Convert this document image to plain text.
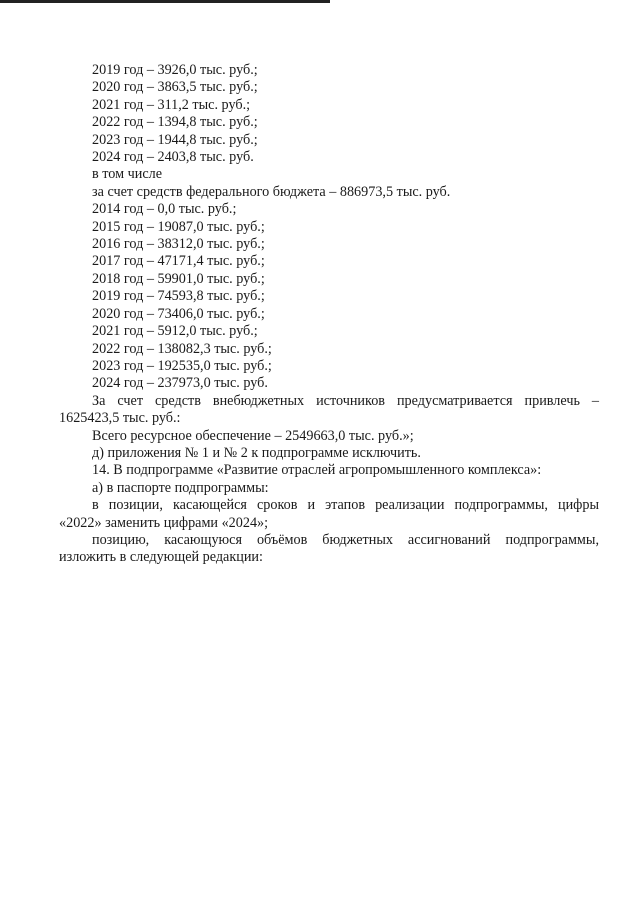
2019 год – 3926,0 тыс. руб.;

2020 год – 3863,5 тыс. руб.;

2021 год – 311,2 тыс. руб.;

2022 год – 1394,8 тыс. руб.;

2023 год – 1944,8 тыс. руб.;

2024 год – 2403,8 тыс. руб.

в том числе

за счет средств федерального бюджета – 886973,5 тыс. руб.

2014 год – 0,0 тыс. руб.;

2015 год – 19087,0 тыс. руб.;

2016 год – 38312,0 тыс. руб.;

2017 год – 47171,4 тыс. руб.;

2018 год – 59901,0 тыс. руб.;

2019 год – 74593,8 тыс. руб.;

2020 год – 73406,0 тыс. руб.;

2021 год – 5912,0 тыс. руб.;

2022 год – 138082,3 тыс. руб.;

2023 год – 192535,0 тыс. руб.;

2024 год – 237973,0 тыс. руб.

За счет средств внебюджетных источников предусматривается привлечь –

1625423,5 тыс. руб.:

Всего ресурсное обеспечение – 2549663,0 тыс. руб.»;

д) приложения № 1 и № 2 к подпрограмме исключить.

14. В подпрограмме «Развитие отраслей агропромышленного комплекса»:

а) в паспорте подпрограммы:

в позиции, касающейся сроков и этапов реализации подпрограммы, цифры

«2022» заменить цифрами «2024»;

позицию, касающуюся объёмов бюджетных ассигнований подпрограммы,

изложить в следующей редакции:
